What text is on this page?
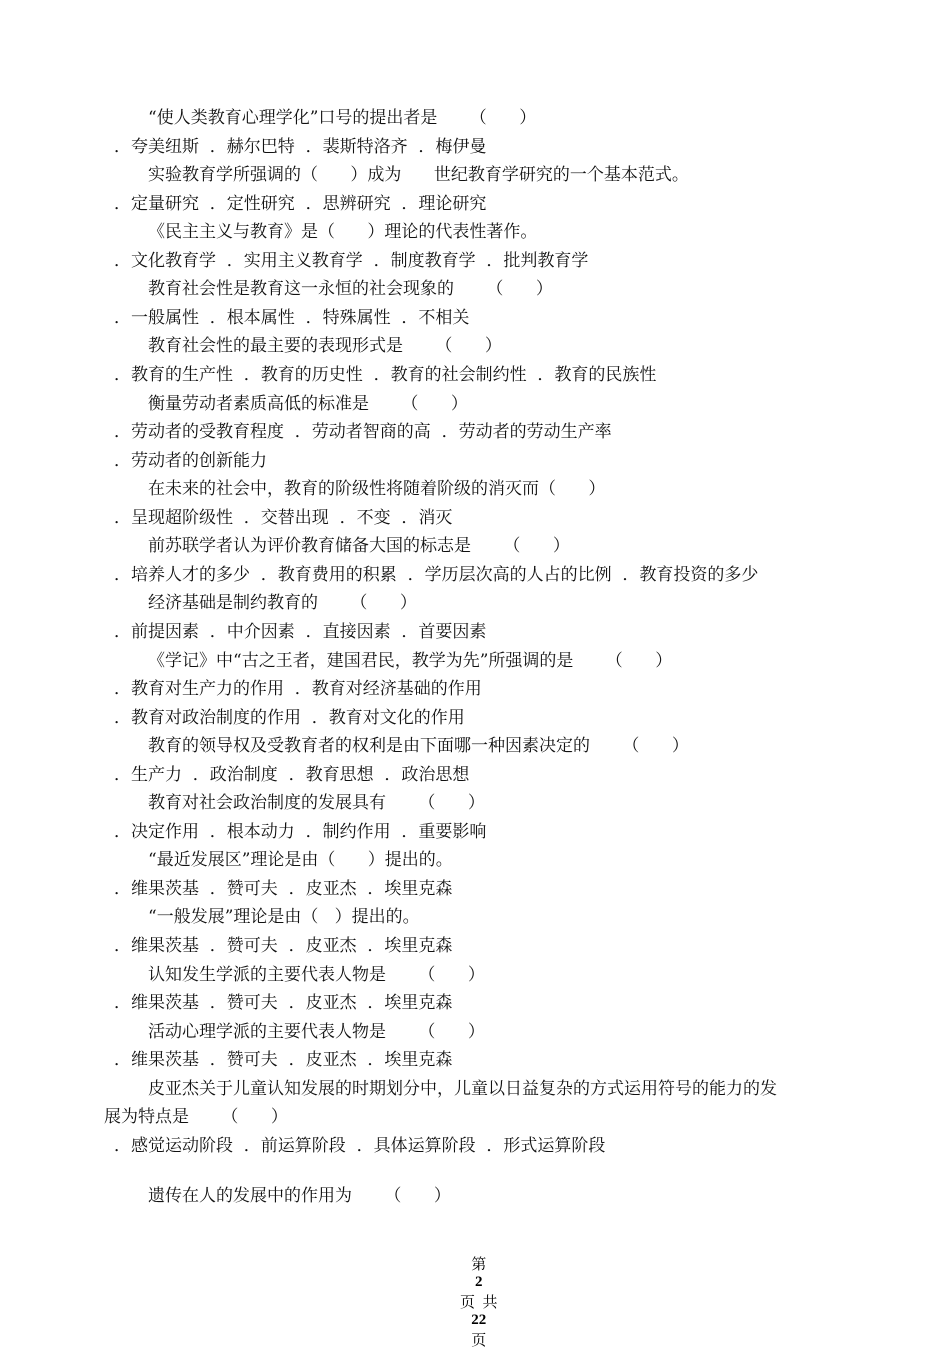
“使人类教育心理学化”口号的提出者是      （      ）
．夸美纽斯  ．赫尔巴特  ．裴斯特洛齐  ．梅伊曼
实验教育学所强调的（      ）成为      世纪教育学研究的一个基本范式。
．定量研究  ．定性研究  ．思辨研究  ．理论研究
《民主主义与教育》是（      ）理论的代表性著作。
．文化教育学  ．实用主义教育学  ．制度教育学  ．批判教育学
教育社会性是教育这一永恒的社会现象的      （      ）
．一般属性  ．根本属性  ．特殊属性  ．不相关
教育社会性的最主要的表现形式是      （      ）
．教育的生产性  ．教育的历史性  ．教育的社会制约性  ．教育的民族性
衡量劳动者素质高低的标准是      （      ）
．劳动者的受教育程度  ．劳动者智商的高  ．劳动者的劳动生产率
．劳动者的创新能力
在未来的社会中，教育的阶级性将随着阶级的消灭而（      ）
．呈现超阶级性  ．交替出现  ．不变  ．消灭
前苏联学者认为评价教育储备大国的标志是      （      ）
．培养人才的多少  ．教育费用的积累  ．学历层次高的人占的比例  ．教育投资的多少
经济基础是制约教育的      （      ）
．前提因素  ．中介因素  ．直接因素  ．首要因素
《学记》中“古之王者，建国君民，教学为先”所强调的是      （      ）
．教育对生产力的作用  ．教育对经济基础的作用
．教育对政治制度的作用  ．教育对文化的作用
教育的领导权及受教育者的权利是由下面哪一种因素决定的      （      ）
．生产力  ．政治制度  ．教育思想  ．政治思想
教育对社会政治制度的发展具有      （      ）
．决定作用  ．根本动力  ．制约作用  ．重要影响
“最近发展区”理论是由（      ）提出的。
．维果茨基  ．赞可夫  ．皮亚杰  ．埃里克森
“一般发展”理论是由（   ）提出的。
．维果茨基  ．赞可夫  ．皮亚杰  ．埃里克森
认知发生学派的主要代表人物是      （      ）
．维果茨基  ．赞可夫  ．皮亚杰  ．埃里克森
活动心理学派的主要代表人物是      （      ）
．维果茨基  ．赞可夫  ．皮亚杰  ．埃里克森
皮亚杰关于儿童认知发展的时期划分中，儿童以日益复杂的方式运用符号的能力的发
展为特点是      （      ）
．感觉运动阶段  ．前运算阶段  ．具体运算阶段  ．形式运算阶段
遗传在人的发展中的作用为      （      ）

第
2
页  共
22
页
